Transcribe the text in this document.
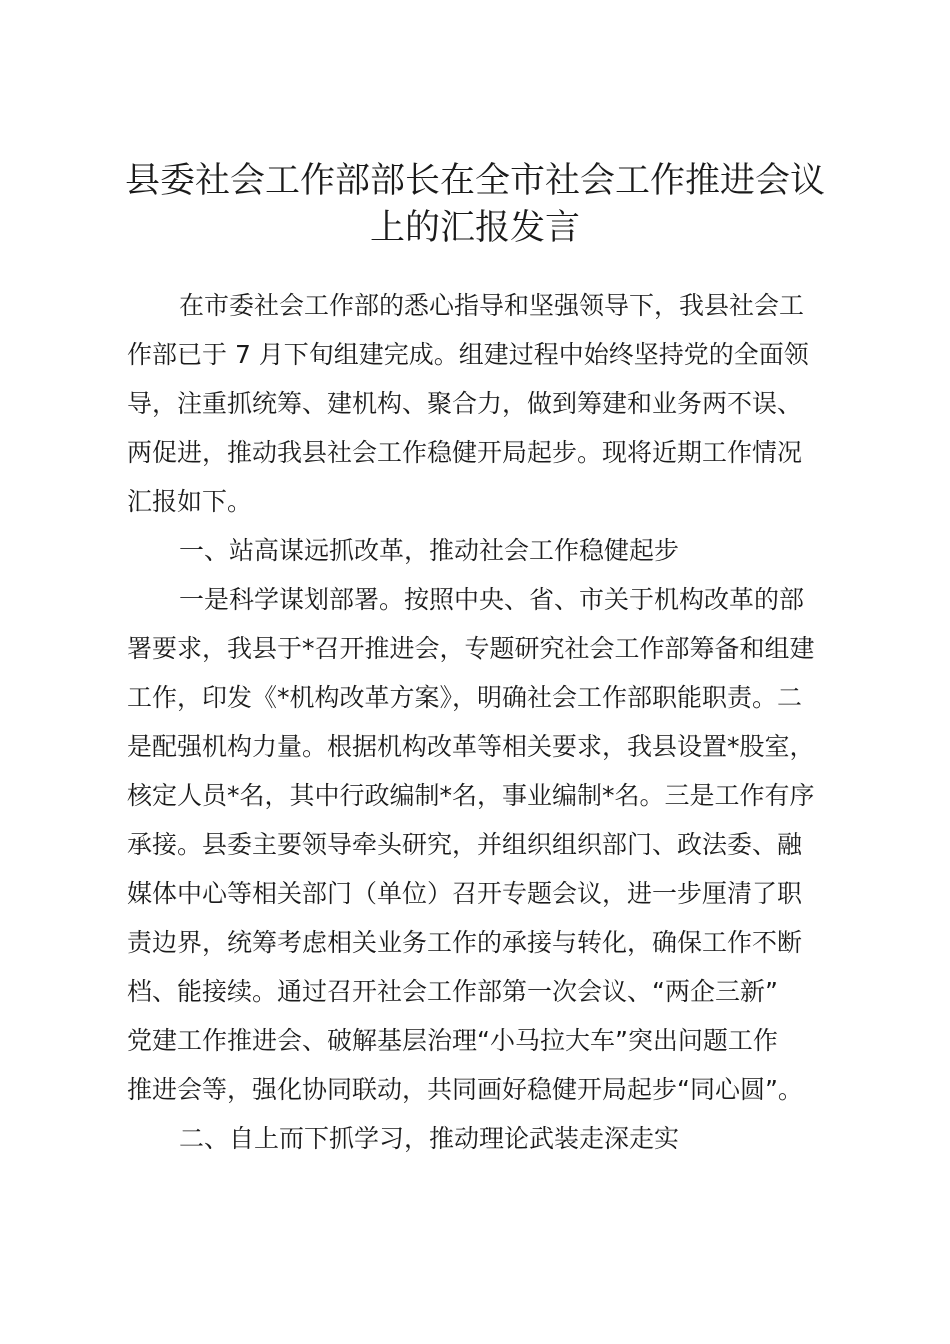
县委社会工作部部长在全市社会工作推进会议
上的汇报发言

在市委社会工作部的悉心指导和坚强领导下，我县社会工
作部已于 7 月下旬组建完成。组建过程中始终坚持党的全面领
导，注重抓统筹、建机构、聚合力，做到筹建和业务两不误、
两促进，推动我县社会工作稳健开局起步。现将近期工作情况
汇报如下。

一、站高谋远抓改革，推动社会工作稳健起步

一是科学谋划部署。按照中央、省、市关于机构改革的部
署要求，我县于*召开推进会，专题研究社会工作部筹备和组建
工作，印发《*机构改革方案》，明确社会工作部职能职责。二
是配强机构力量。根据机构改革等相关要求，我县设置*股室，
核定人员*名，其中行政编制*名，事业编制*名。三是工作有序
承接。县委主要领导牵头研究，并组织组织部门、政法委、融
媒体中心等相关部门（单位）召开专题会议，进一步厘清了职
责边界，统筹考虑相关业务工作的承接与转化，确保工作不断
档、能接续。通过召开社会工作部第一次会议、“两企三新”
党建工作推进会、破解基层治理“小马拉大车”突出问题工作
推进会等，强化协同联动，共同画好稳健开局起步“同心圆”。

二、自上而下抓学习，推动理论武装走深走实
